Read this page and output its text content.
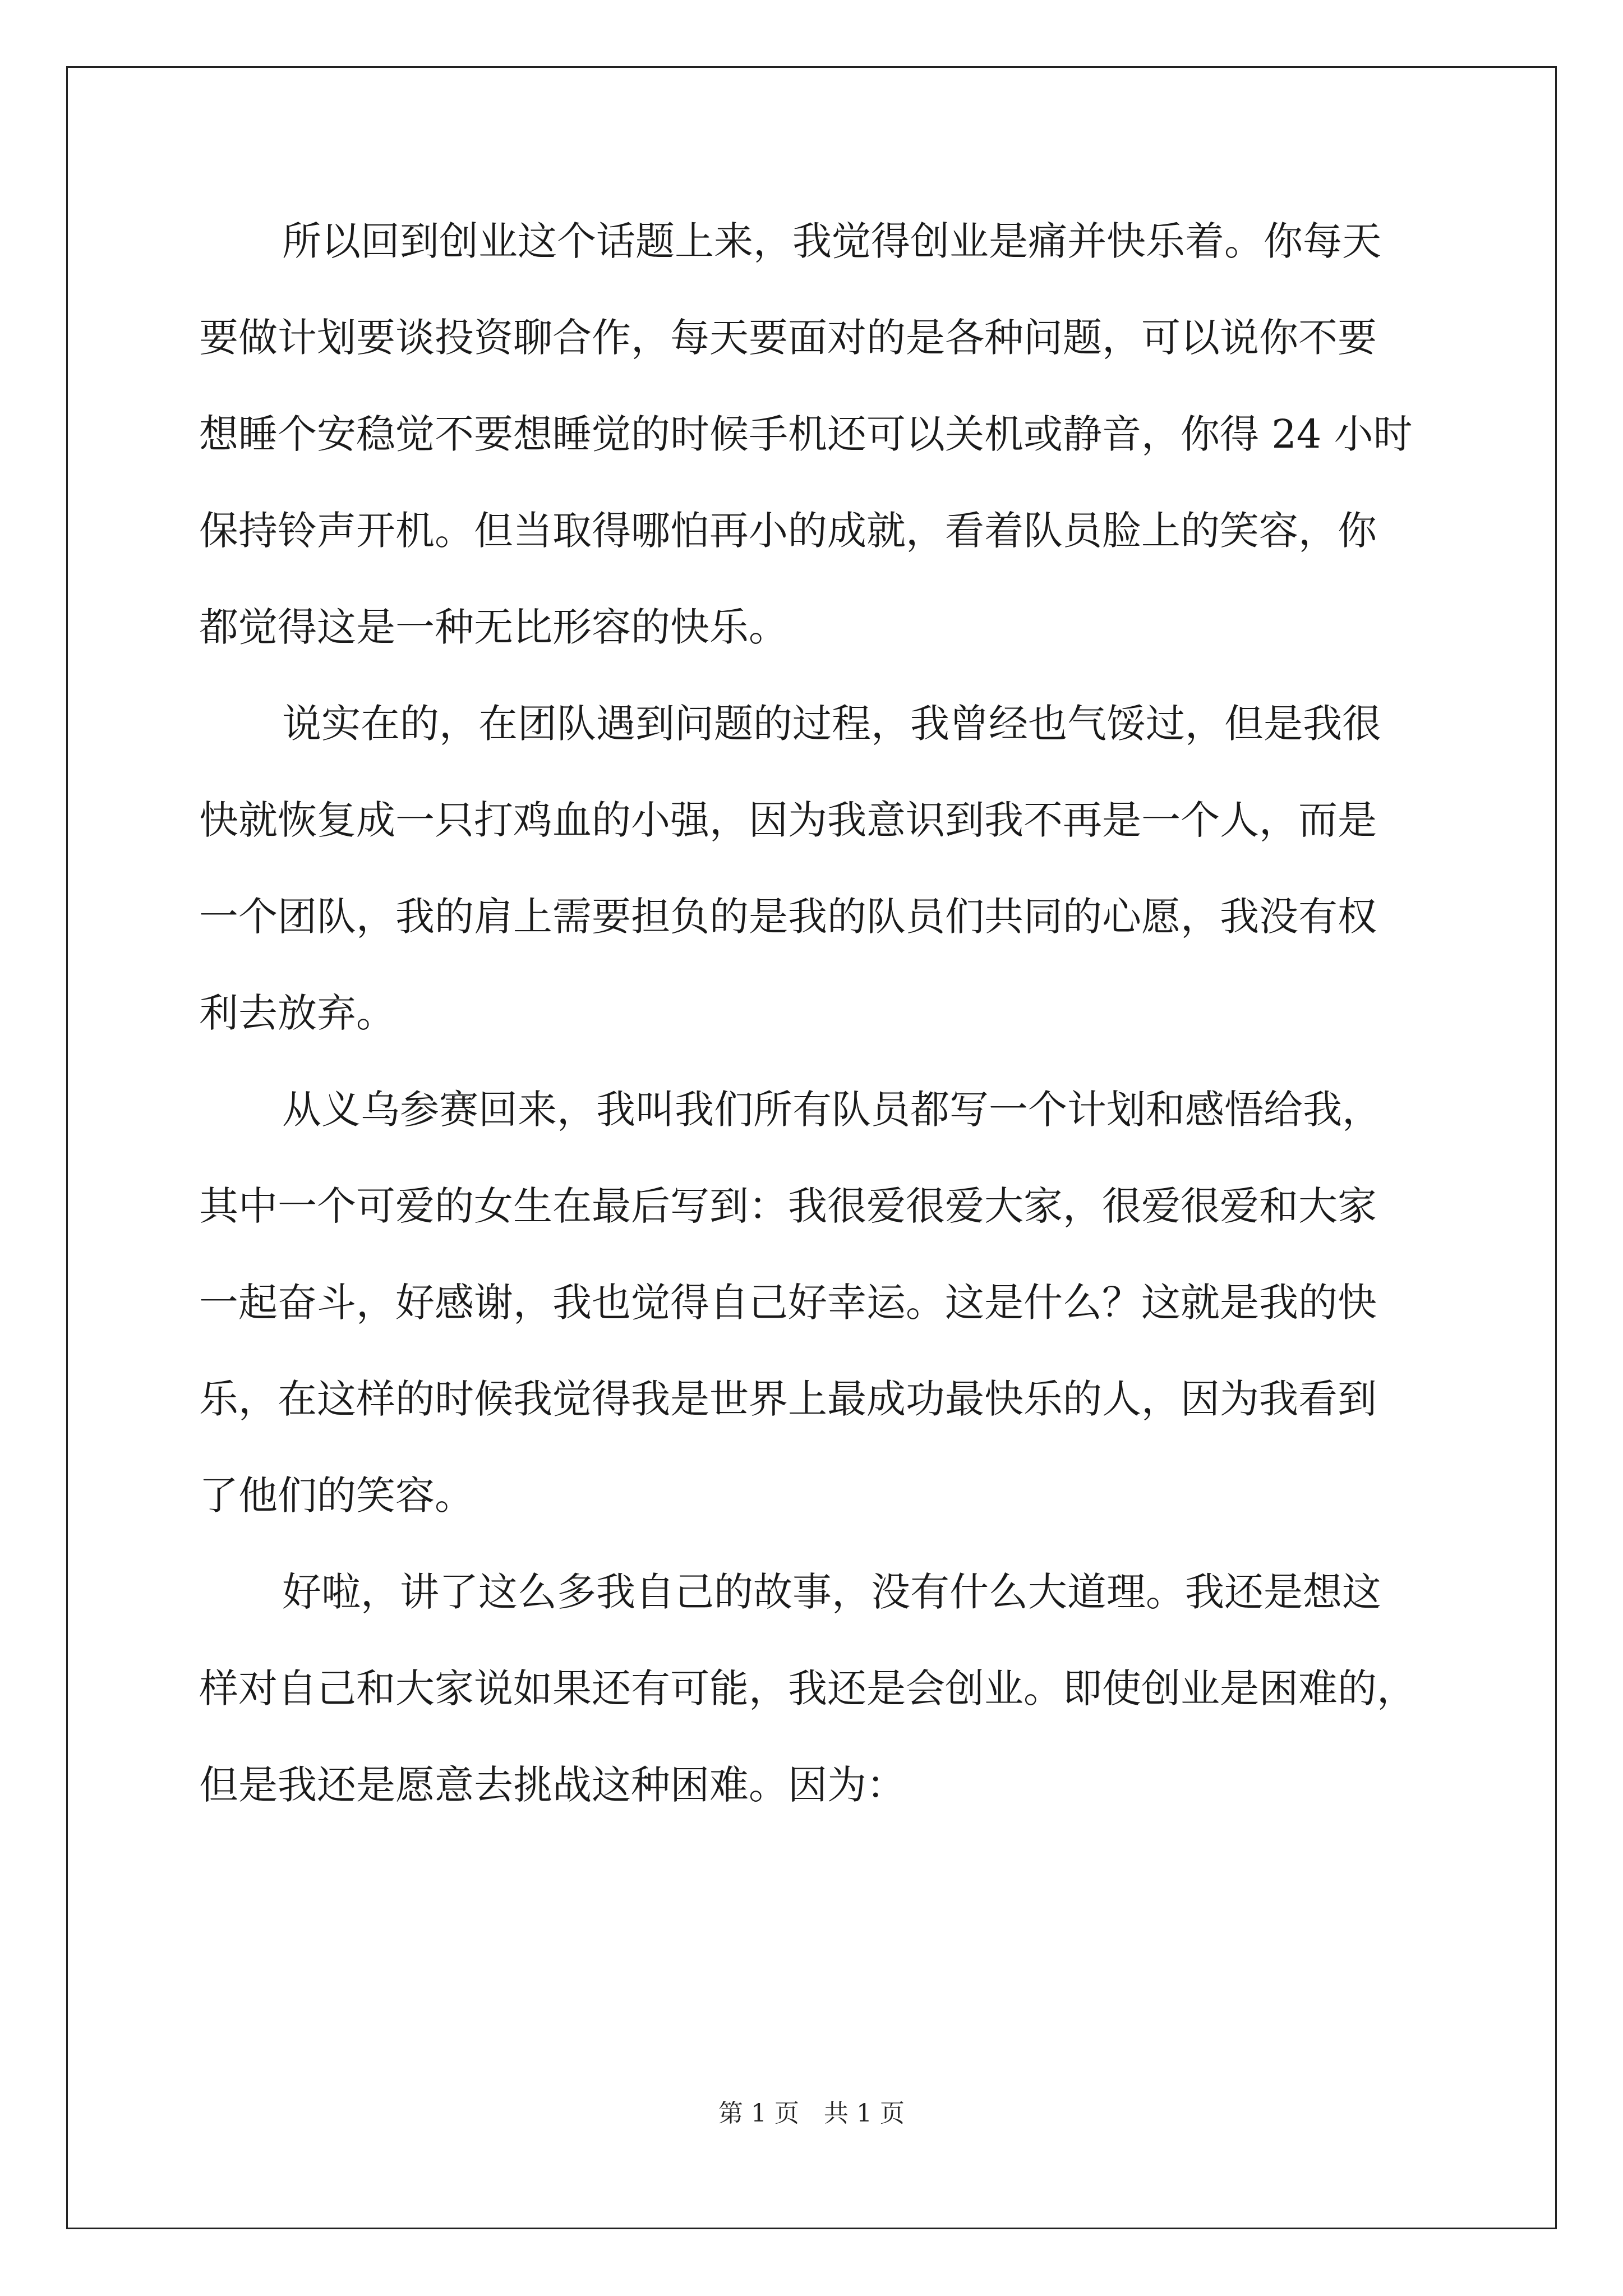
所以回到创业这个话题上来，我觉得创业是痛并快乐着。你每天
要做计划要谈投资聊合作，每天要面对的是各种问题，可以说你不要
想睡个安稳觉不要想睡觉的时候手机还可以关机或静音，你得 24 小时
保持铃声开机。但当取得哪怕再小的成就，看着队员脸上的笑容，你
都觉得这是一种无比形容的快乐。
说实在的，在团队遇到问题的过程，我曾经也气馁过，但是我很
快就恢复成一只打鸡血的小强，因为我意识到我不再是一个人，而是
一个团队，我的肩上需要担负的是我的队员们共同的心愿，我没有权
利去放弃。
从义乌参赛回来，我叫我们所有队员都写一个计划和感悟给我，
其中一个可爱的女生在最后写到：我很爱很爱大家，很爱很爱和大家
一起奋斗，好感谢，我也觉得自己好幸运。这是什么？这就是我的快
乐，在这样的时候我觉得我是世界上最成功最快乐的人，因为我看到
了他们的笑容。
好啦，讲了这么多我自己的故事，没有什么大道理。我还是想这
样对自己和大家说如果还有可能，我还是会创业。即使创业是困难的，
但是我还是愿意去挑战这种困难。因为：
第 1 页　共 1 页
